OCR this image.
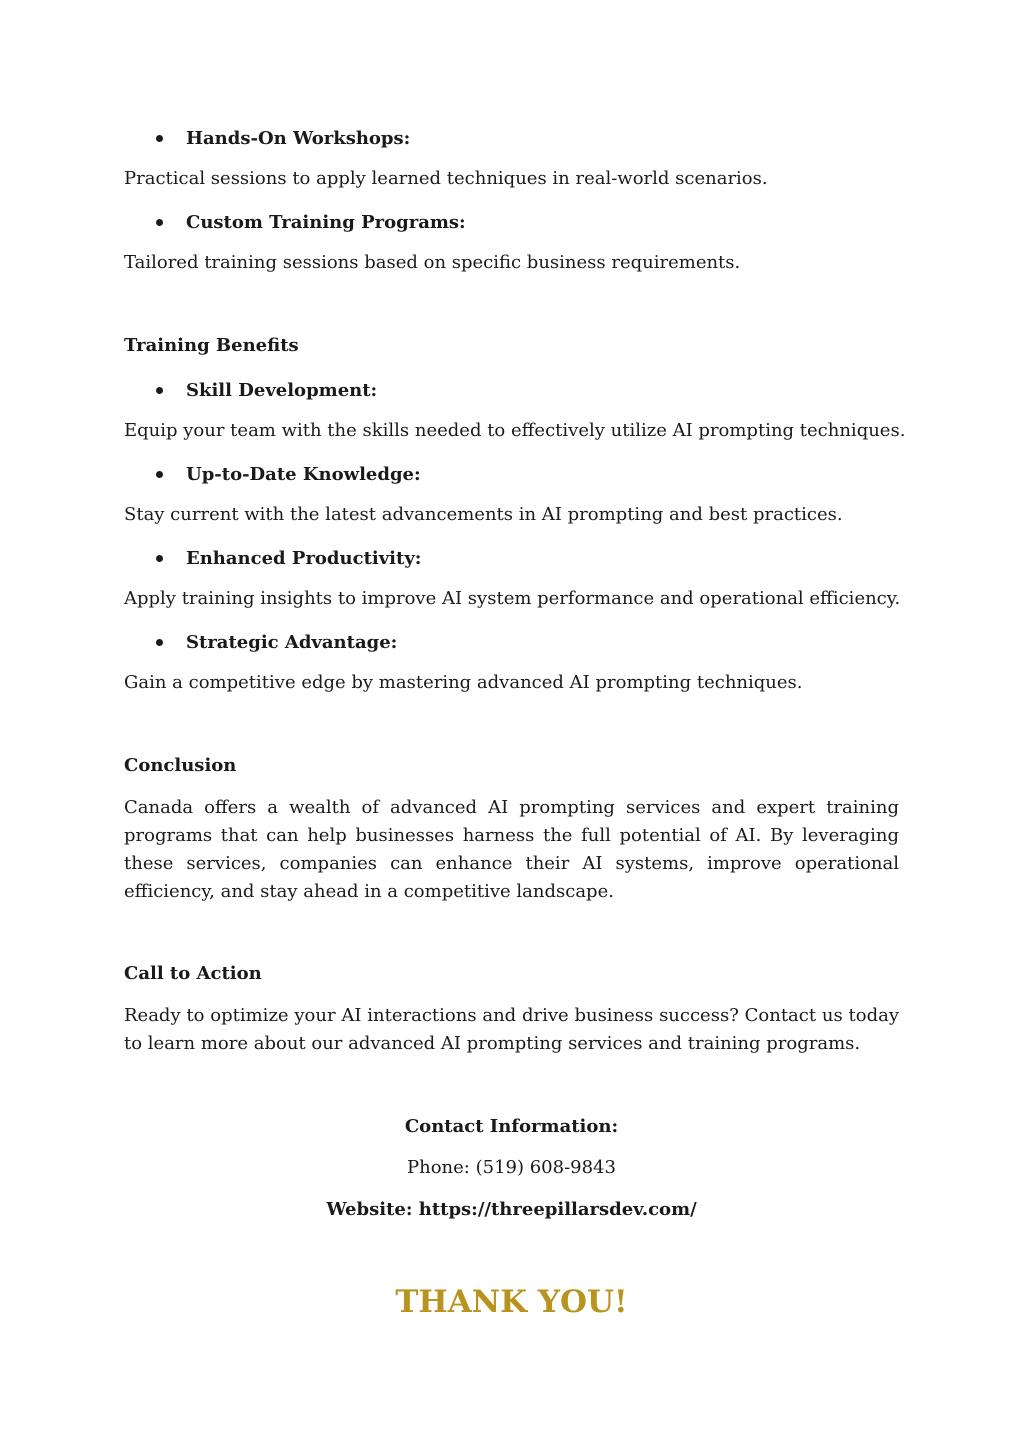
Hands-On Workshops:
Practical sessions to apply learned techniques in real-world scenarios.
Custom Training Programs:
Tailored training sessions based on specific business requirements.
Training Benefits
Skill Development:
Equip your team with the skills needed to effectively utilize AI prompting techniques.
Up-to-Date Knowledge:
Stay current with the latest advancements in AI prompting and best practices.
Enhanced Productivity:
Apply training insights to improve AI system performance and operational efficiency.
Strategic Advantage:
Gain a competitive edge by mastering advanced AI prompting techniques.
Conclusion
Canada offers a wealth of advanced AI prompting services and expert training programs that can help businesses harness the full potential of AI. By leveraging these services, companies can enhance their AI systems, improve operational efficiency, and stay ahead in a competitive landscape.
Call to Action
Ready to optimize your AI interactions and drive business success? Contact us today to learn more about our advanced AI prompting services and training programs.
Contact Information:
Phone: (519) 608-9843
Website: https://threepillarsdev.com/
THANK YOU!
